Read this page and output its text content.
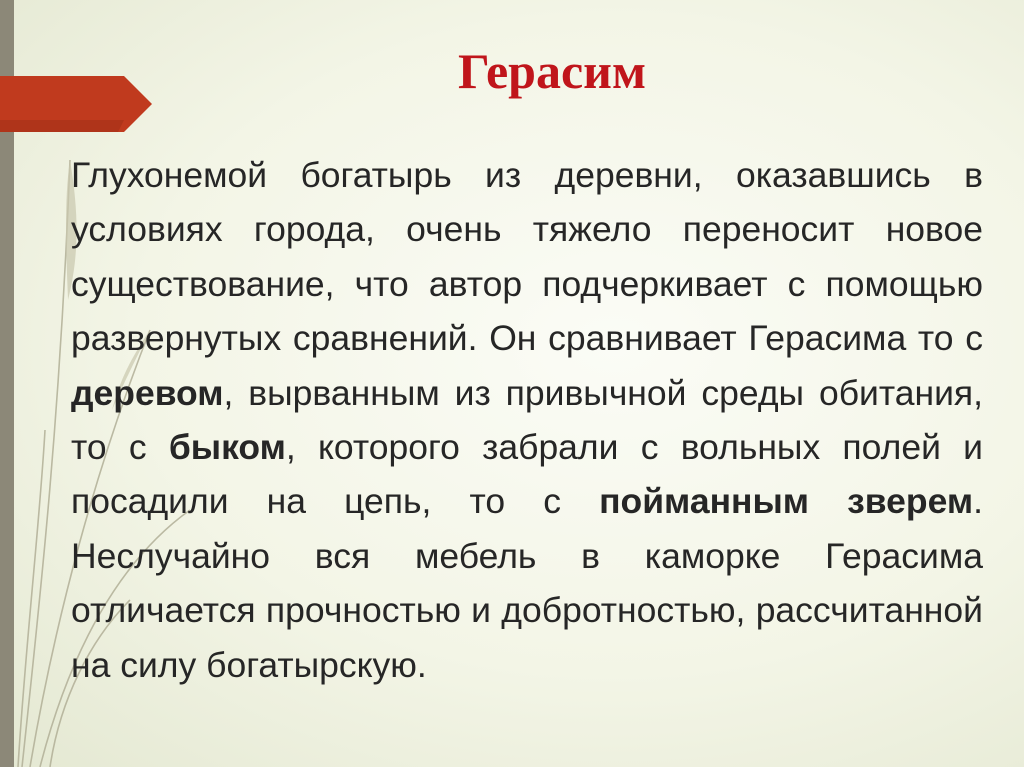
Герасим
Глухонемой богатырь из деревни, оказавшись в условиях города, очень тяжело переносит новое существование, что автор подчеркивает с помощью развернутых сравнений. Он сравнивает Герасима то с деревом, вырванным из привычной среды обитания, то с быком, которого забрали с вольных полей и посадили на цепь, то с пойманным зверем. Неслучайно вся мебель в каморке Герасима отличается прочностью и добротностью, рассчитанной на силу богатырскую.
